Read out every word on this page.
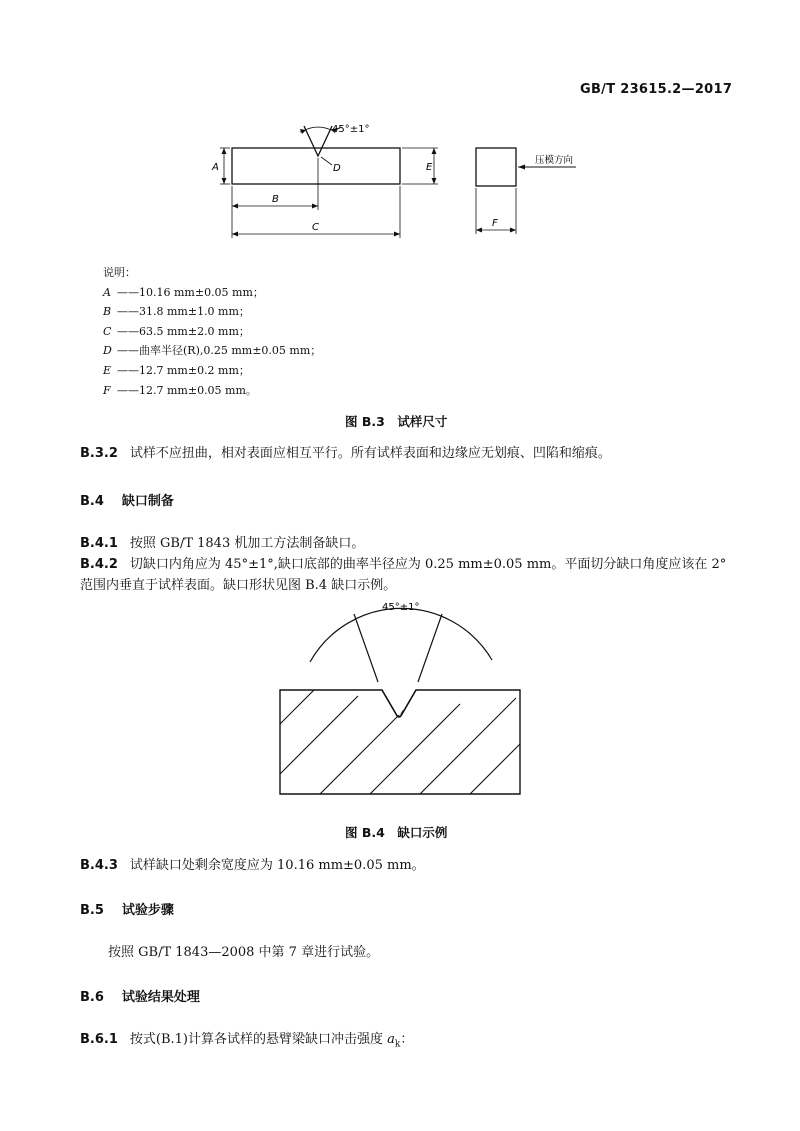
GB/T 23615.2—2017
45°±1°
D
A	E
B
C	F
压模方向
说明：
A ——10.16 mm±0.05 mm；
B ——31.8 mm±1.0 mm；
C ——63.5 mm±2.0 mm；
D ——曲率半径(R),0.25 mm±0.05 mm；
E ——12.7 mm±0.2 mm；
F ——12.7 mm±0.05 mm。
图 B.3　试样尺寸
B.3.2 试样不应扭曲，相对表面应相互平行。所有试样表面和边缘应无划痕、凹陷和缩痕。
B.4 缺口制备
B.4.1 按照 GB/T 1843 机加工方法制备缺口。
B.4.2 切缺口内角应为 45°±1°,缺口底部的曲率半径应为 0.25 mm±0.05 mm。平面切分缺口角度应该在 2°范围内垂直于试样表面。缺口形状见图 B.4 缺口示例。
45°±1°
图 B.4　缺口示例
B.4.3 试样缺口处剩余宽度应为 10.16 mm±0.05 mm。
B.5 试验步骤
按照 GB/T 1843—2008 中第 7 章进行试验。
B.6 试验结果处理
B.6.1 按式(B.1)计算各试样的悬臂梁缺口冲击强度 $a_k$：
